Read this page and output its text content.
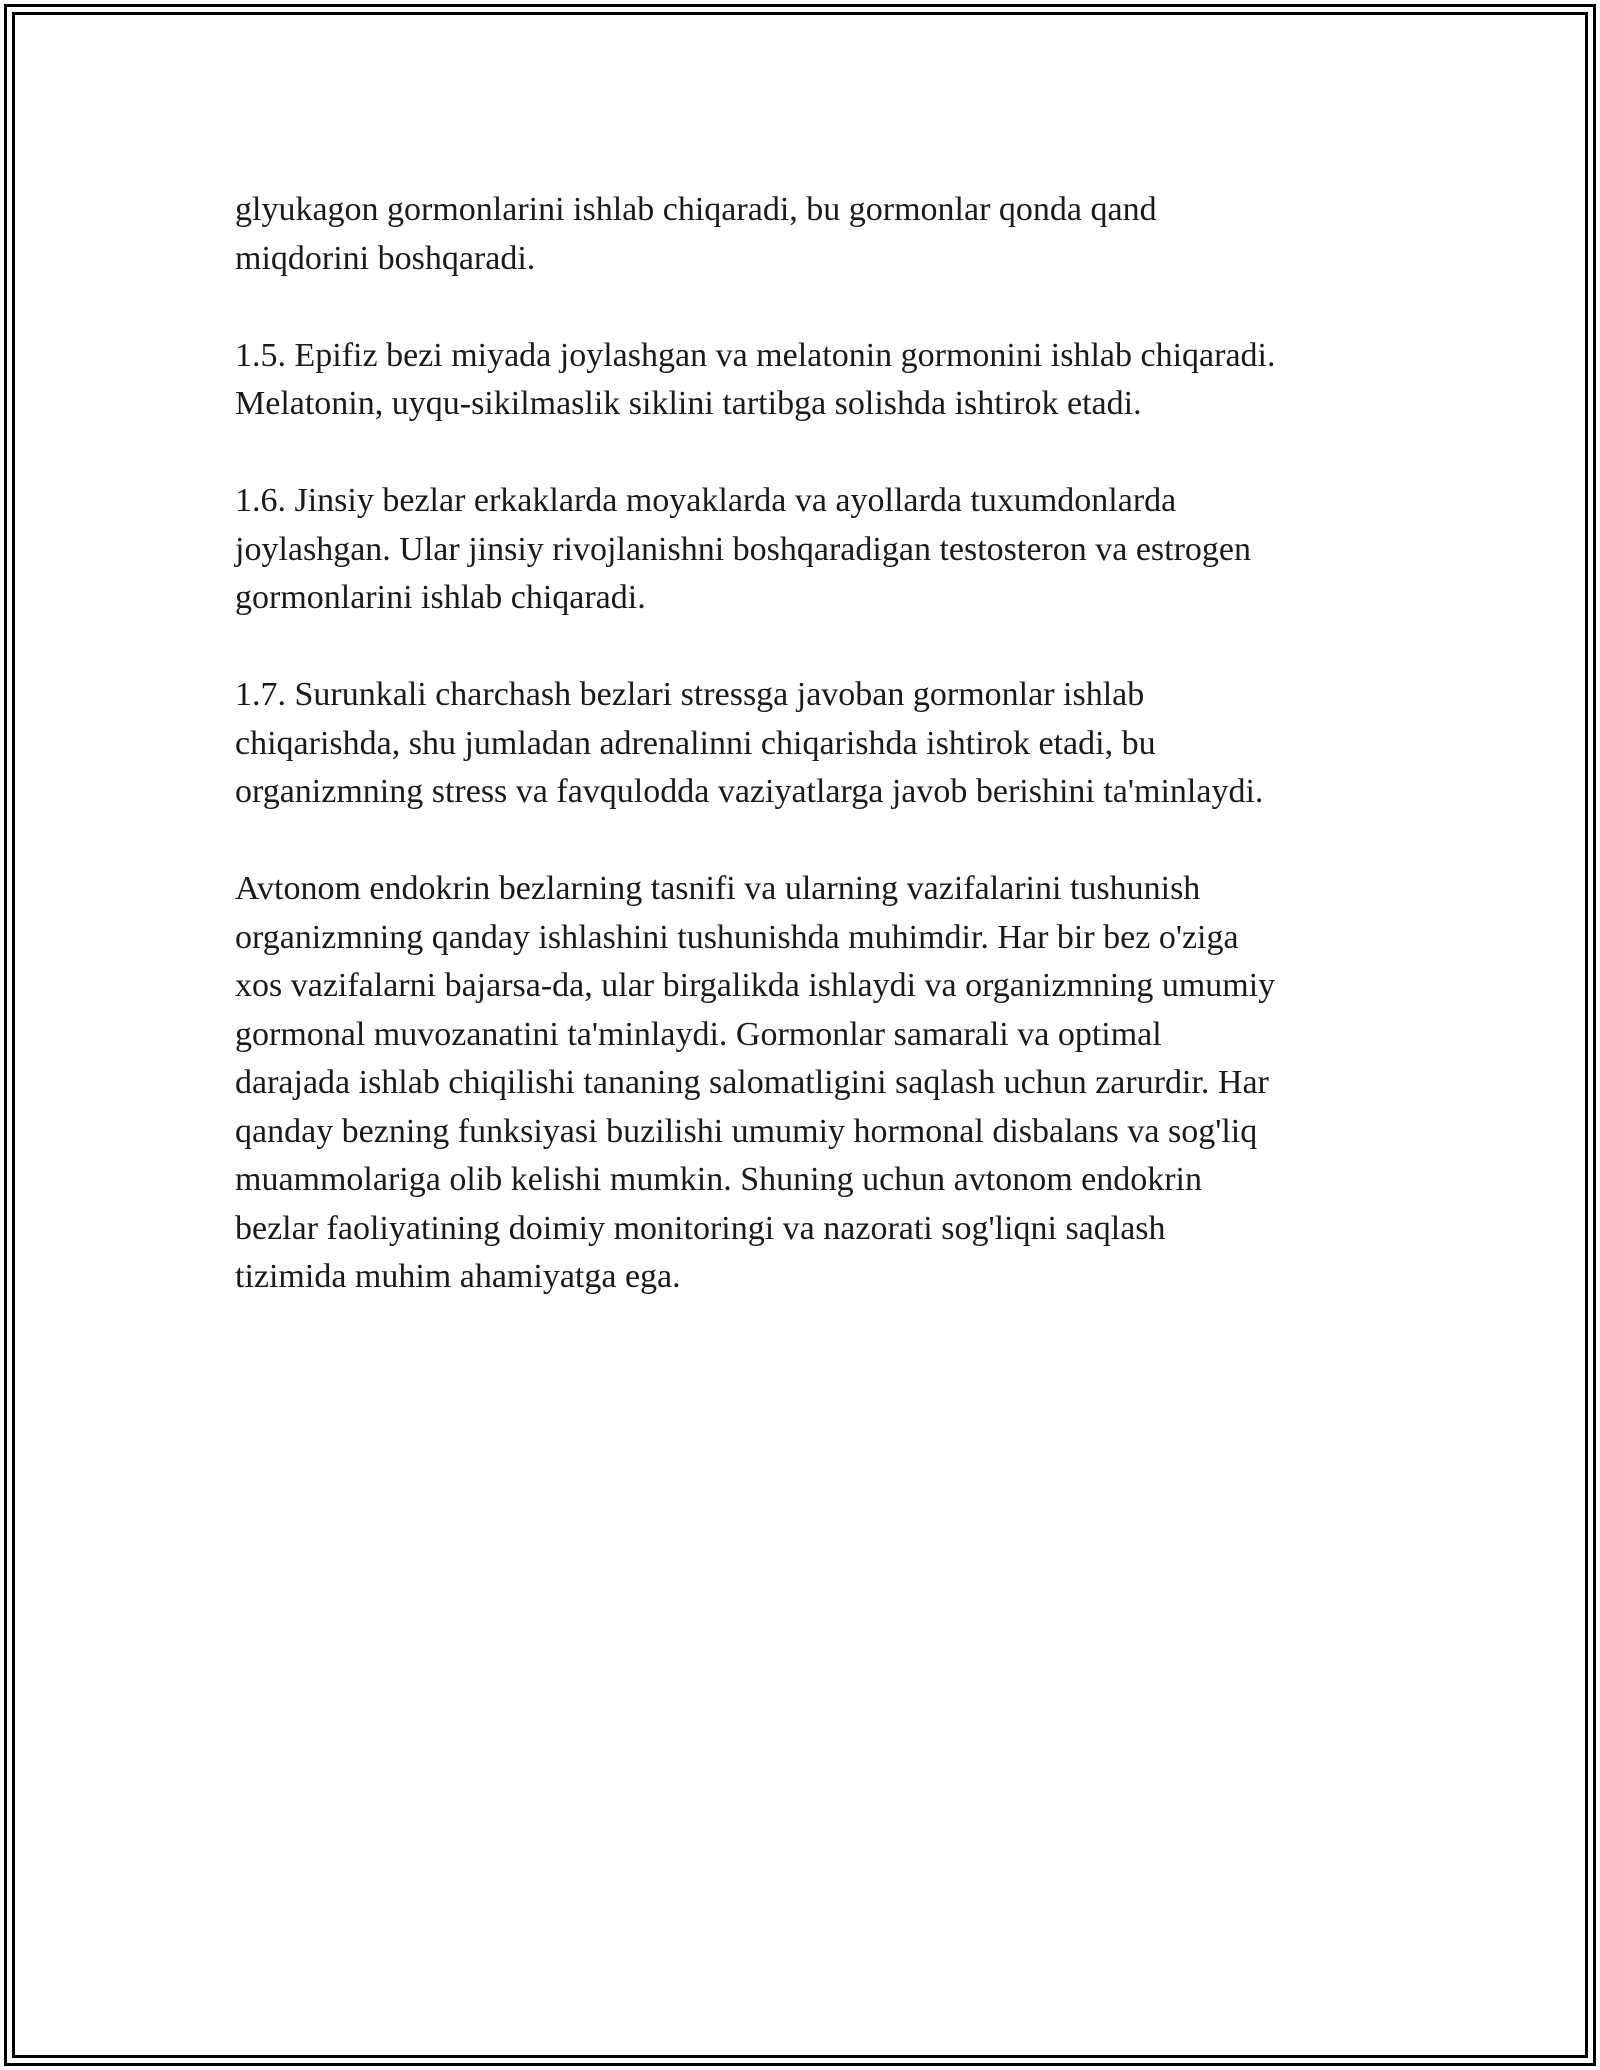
glyukagon gormonlarini ishlab chiqaradi, bu gormonlar qonda qand
miqdorini boshqaradi.

1.5. Epifiz bezi miyada joylashgan va melatonin gormonini ishlab chiqaradi.
Melatonin, uyqu-sikilmaslik siklini tartibga solishda ishtirok etadi.

1.6. Jinsiy bezlar erkaklarda moyaklarda va ayollarda tuxumdonlarda
joylashgan. Ular jinsiy rivojlanishni boshqaradigan testosteron va estrogen
gormonlarini ishlab chiqaradi.

1.7. Surunkali charchash bezlari stressga javoban gormonlar ishlab
chiqarishda, shu jumladan adrenalinni chiqarishda ishtirok etadi, bu
organizmning stress va favqulodda vaziyatlarga javob berishini ta'minlaydi.

Avtonom endokrin bezlarning tasnifi va ularning vazifalarini tushunish
organizmning qanday ishlashini tushunishda muhimdir. Har bir bez o'ziga
xos vazifalarni bajarsa-da, ular birgalikda ishlaydi va organizmning umumiy
gormonal muvozanatini ta'minlaydi. Gormonlar samarali va optimal
darajada ishlab chiqilishi tananing salomatligini saqlash uchun zarurdir. Har
qanday bezning funksiyasi buzilishi umumiy hormonal disbalans va sog'liq
muammolariga olib kelishi mumkin. Shuning uchun avtonom endokrin
bezlar faoliyatining doimiy monitoringi va nazorati sog'liqni saqlash
tizimida muhim ahamiyatga ega.
